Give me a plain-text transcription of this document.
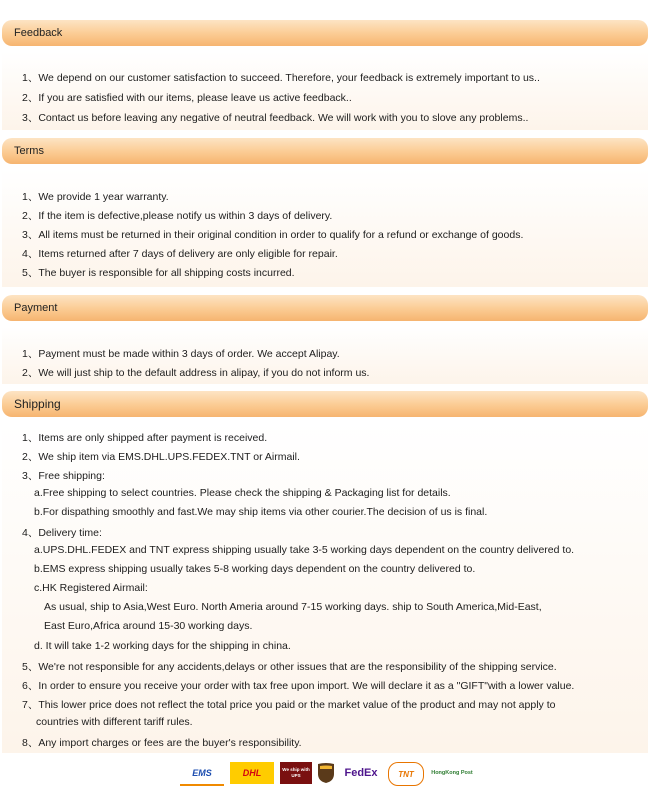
Feedback
1、We depend on our customer satisfaction to succeed. Therefore, your feedback is extremely important to us..
2、If you are satisfied with our items, please leave us active feedback..
3、Contact us before leaving any negative of neutral feedback. We will work with you to slove any problems..
Terms
1、We provide 1 year warranty.
2、If the item is defective,please notify us within 3 days of delivery.
3、All items must be returned in their original condition in order to qualify for a refund or exchange of goods.
4、Items returned after 7 days of delivery are only eligible for repair.
5、The buyer is responsible for all shipping costs incurred.
Payment
1、Payment must be made within 3 days of order. We accept Alipay.
2、We will just ship to the default address in alipay, if you do not inform us.
Shipping
1、Items are only shipped after payment is received.
2、We ship item via EMS.DHL.UPS.FEDEX.TNT or Airmail.
3、Free shipping:
a.Free shipping to select countries. Please check the shipping & Packaging list for details.
b.For dispathing smoothly and fast.We may ship items via other courier.The decision of us is final.
4、Delivery time:
a.UPS.DHL.FEDEX and TNT express shipping usually take 3-5 working days dependent on the country delivered to.
b.EMS express shipping usually takes 5-8 working days dependent on the country delivered to.
c.HK Registered Airmail:
As usual, ship to Asia,West Euro. North Ameria around 7-15 working days. ship to South America,Mid-East,
East Euro,Africa around 15-30 working days.
d. It will take 1-2 working days for the shipping in china.
5、We're not responsible for any accidents,delays or other issues that are the responsibility of the shipping service.
6、In order to ensure you receive your order with tax free upon import. We will declare it as a "GIFT"with a lower value.
7、This lower price does not reflect the total price you paid or the market value of the product and may not apply to
countries with different tariff rules.
8、Any import charges or fees are the buyer's responsibility.
EMS	DHL	We ship with UPS	FedEx	TNT	HongKong Post
